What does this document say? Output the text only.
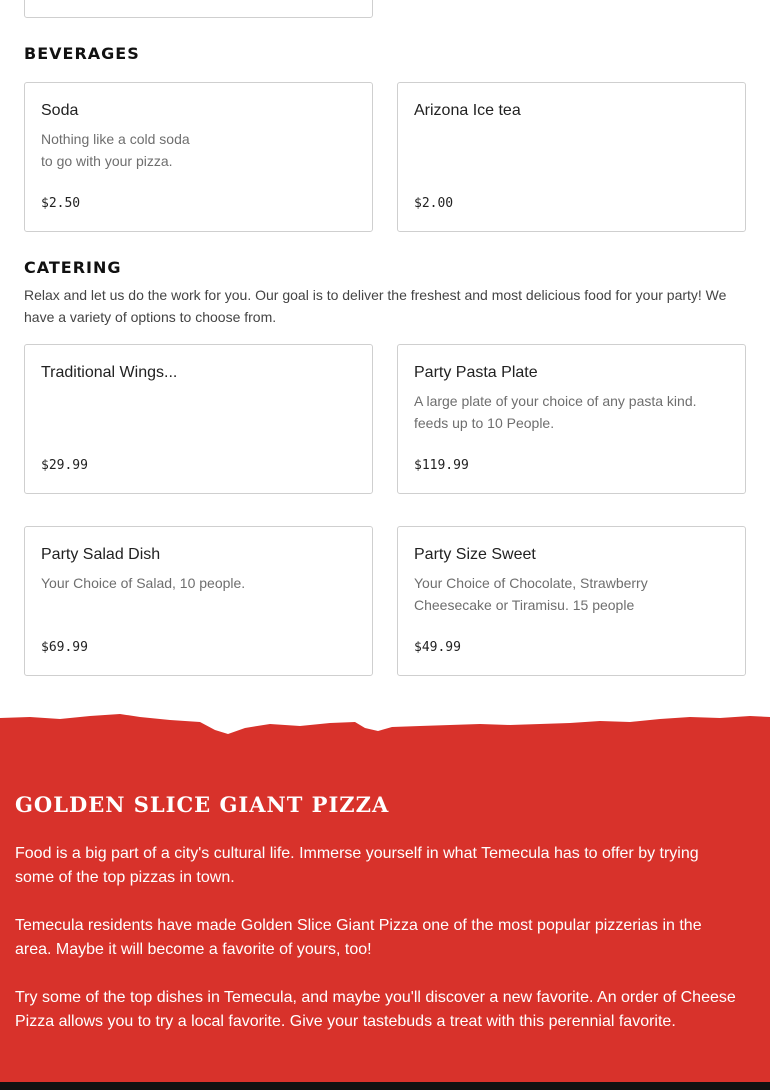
BEVERAGES
Soda
Nothing like a cold soda
to go with your pizza.
$2.50
Arizona Ice tea
$2.00
CATERING
Relax and let us do the work for you. Our goal is to deliver the freshest and most delicious food for your party! We have a variety of options to choose from.
Traditional Wings...
$29.99
Party Pasta Plate
A large plate of your choice of any pasta kind. feeds up to 10 People.
$119.99
Party Salad Dish
Your Choice of Salad, 10 people.
$69.99
Party Size Sweet
Your Choice of Chocolate, Strawberry Cheesecake or Tiramisu. 15 people
$49.99
GOLDEN SLICE GIANT PIZZA
Food is a big part of a city's cultural life. Immerse yourself in what Temecula has to offer by trying some of the top pizzas in town.
Temecula residents have made Golden Slice Giant Pizza one of the most popular pizzerias in the area. Maybe it will become a favorite of yours, too!
Try some of the top dishes in Temecula, and maybe you'll discover a new favorite. An order of Cheese Pizza allows you to try a local favorite. Give your tastebuds a treat with this perennial favorite.
